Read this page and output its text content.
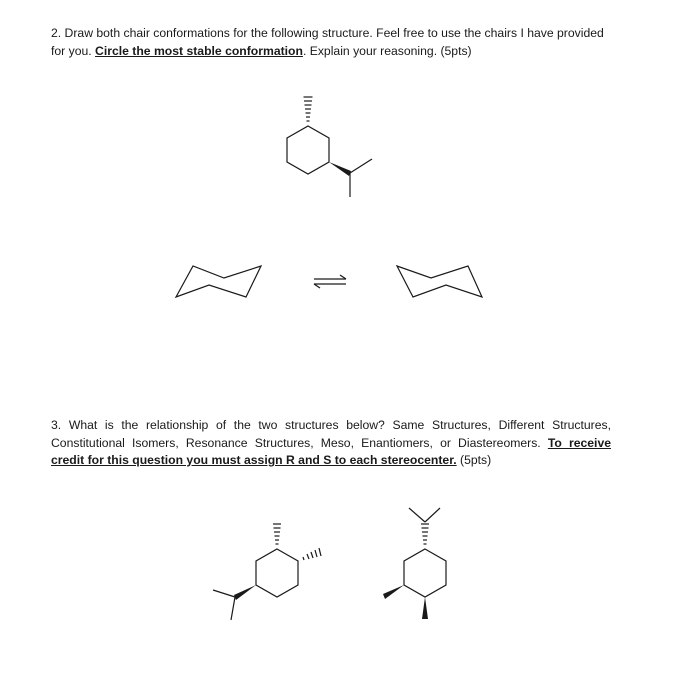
2. Draw both chair conformations for the following structure. Feel free to use the chairs I have provided for you. Circle the most stable conformation. Explain your reasoning. (5pts)
3. What is the relationship of the two structures below? Same Structures, Different Structures, Constitutional Isomers, Resonance Structures, Meso, Enantiomers, or Diastereomers. To receive credit for this question you must assign R and S to each stereocenter. (5pts)
